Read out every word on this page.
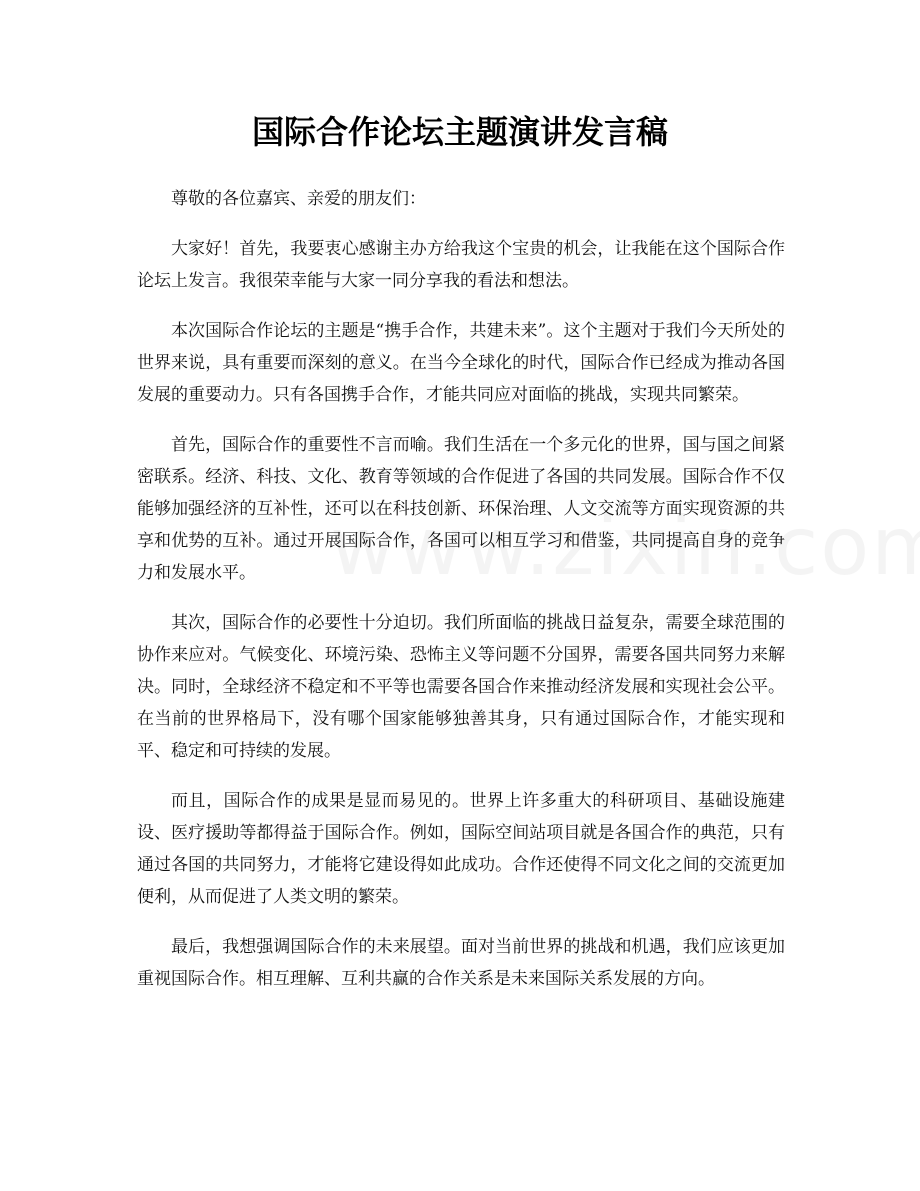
国际合作论坛主题演讲发言稿

尊敬的各位嘉宾、亲爱的朋友们：

大家好！首先，我要衷心感谢主办方给我这个宝贵的机会，让我能在这个国际合作论坛上发言。我很荣幸能与大家一同分享我的看法和想法。

本次国际合作论坛的主题是“携手合作，共建未来”。这个主题对于我们今天所处的世界来说，具有重要而深刻的意义。在当今全球化的时代，国际合作已经成为推动各国发展的重要动力。只有各国携手合作，才能共同应对面临的挑战，实现共同繁荣。

首先，国际合作的重要性不言而喻。我们生活在一个多元化的世界，国与国之间紧密联系。经济、科技、文化、教育等领域的合作促进了各国的共同发展。国际合作不仅能够加强经济的互补性，还可以在科技创新、环保治理、人文交流等方面实现资源的共享和优势的互补。通过开展国际合作，各国可以相互学习和借鉴，共同提高自身的竞争力和发展水平。

其次，国际合作的必要性十分迫切。我们所面临的挑战日益复杂，需要全球范围的协作来应对。气候变化、环境污染、恐怖主义等问题不分国界，需要各国共同努力来解决。同时，全球经济不稳定和不平等也需要各国合作来推动经济发展和实现社会公平。在当前的世界格局下，没有哪个国家能够独善其身，只有通过国际合作，才能实现和平、稳定和可持续的发展。

而且，国际合作的成果是显而易见的。世界上许多重大的科研项目、基础设施建设、医疗援助等都得益于国际合作。例如，国际空间站项目就是各国合作的典范，只有通过各国的共同努力，才能将它建设得如此成功。合作还使得不同文化之间的交流更加便利，从而促进了人类文明的繁荣。

最后，我想强调国际合作的未来展望。面对当前世界的挑战和机遇，我们应该更加重视国际合作。相互理解、互利共赢的合作关系是未来国际关系发展的方向。
